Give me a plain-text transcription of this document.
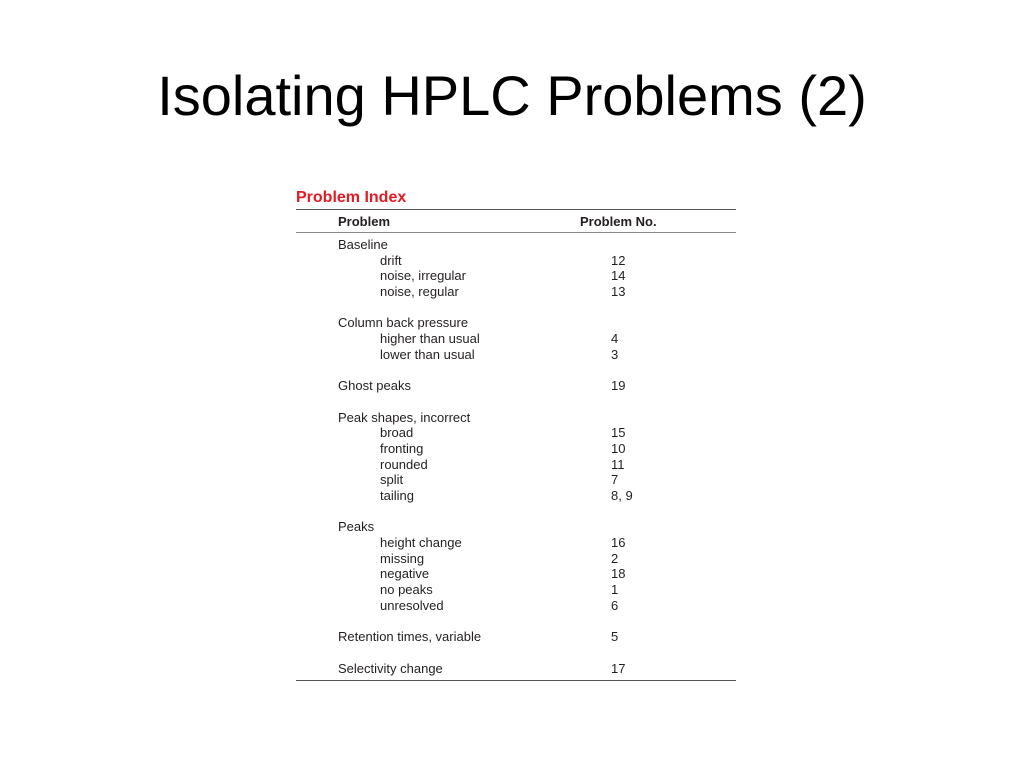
Isolating HPLC Problems (2)
Problem Index
Problem	Problem No.
Baseline
drift	12
noise, irregular	14
noise, regular	13
Column back pressure
higher than usual	4
lower than usual	3
Ghost peaks	19
Peak shapes, incorrect
broad	15
fronting	10
rounded	11
split	7
tailing	8, 9
Peaks
height change	16
missing	2
negative	18
no peaks	1
unresolved	6
Retention times, variable	5
Selectivity change	17
